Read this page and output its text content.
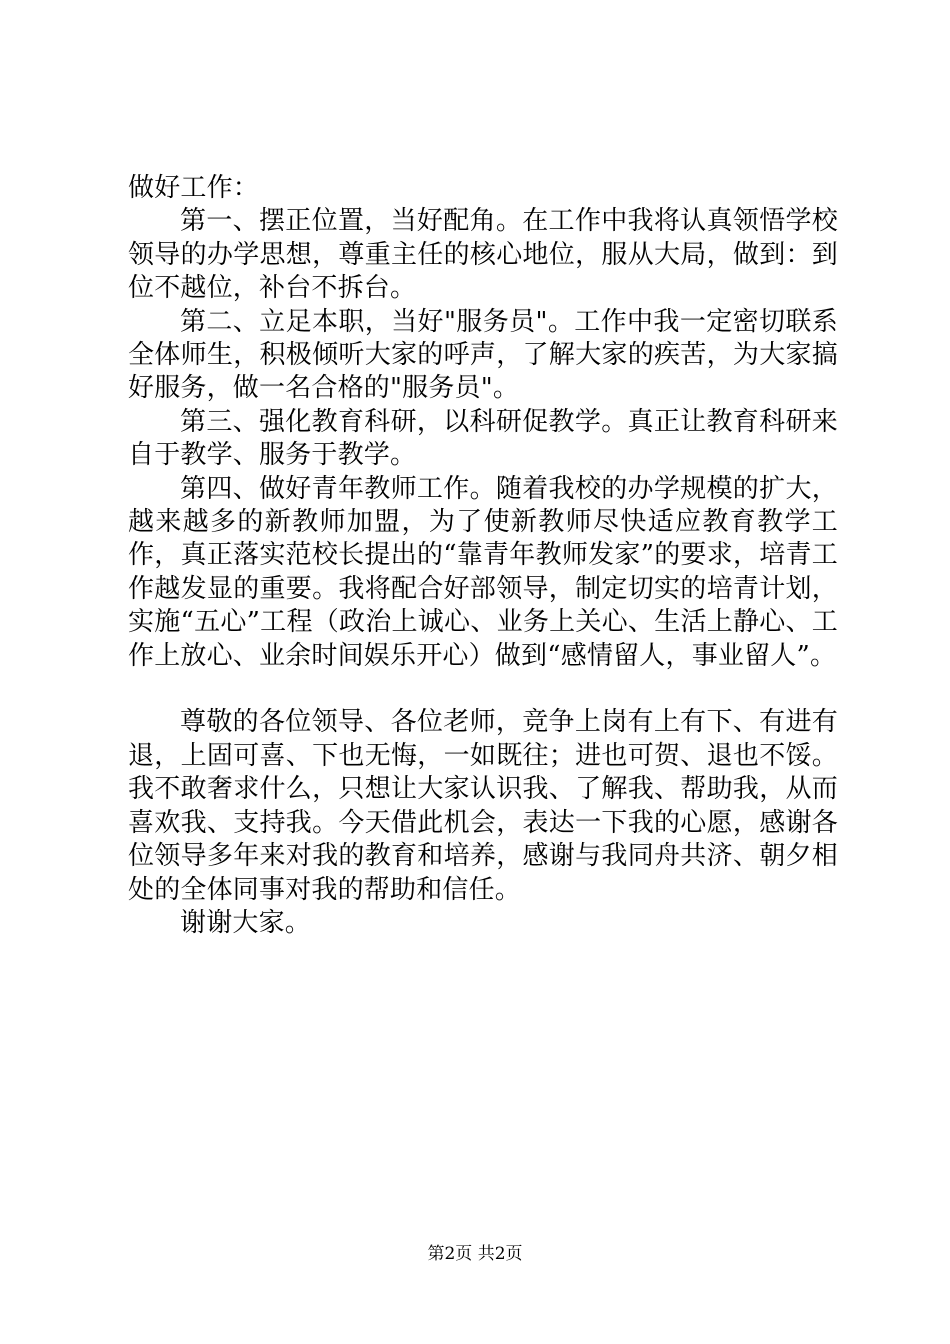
做好工作：

第一、摆正位置，当好配角。在工作中我将认真领悟学校领导的办学思想，尊重主任的核心地位，服从大局，做到：到位不越位，补台不拆台。

第二、立足本职，当好"服务员"。工作中我一定密切联系全体师生，积极倾听大家的呼声，了解大家的疾苦，为大家搞好服务，做一名合格的"服务员"。

第三、强化教育科研，以科研促教学。真正让教育科研来自于教学、服务于教学。

第四、做好青年教师工作。随着我校的办学规模的扩大，越来越多的新教师加盟，为了使新教师尽快适应教育教学工作，真正落实范校长提出的“靠青年教师发家”的要求，培青工作越发显的重要。我将配合好部领导，制定切实的培青计划，实施“五心”工程（政治上诚心、业务上关心、生活上静心、工作上放心、业余时间娱乐开心）做到“感情留人，事业留人”。

尊敬的各位领导、各位老师，竞争上岗有上有下、有进有退，上固可喜、下也无悔，一如既往；进也可贺、退也不馁。我不敢奢求什么，只想让大家认识我、了解我、帮助我，从而喜欢我、支持我。今天借此机会，表达一下我的心愿，感谢各位领导多年来对我的教育和培养，感谢与我同舟共济、朝夕相处的全体同事对我的帮助和信任。

谢谢大家。

第2页 共2页
